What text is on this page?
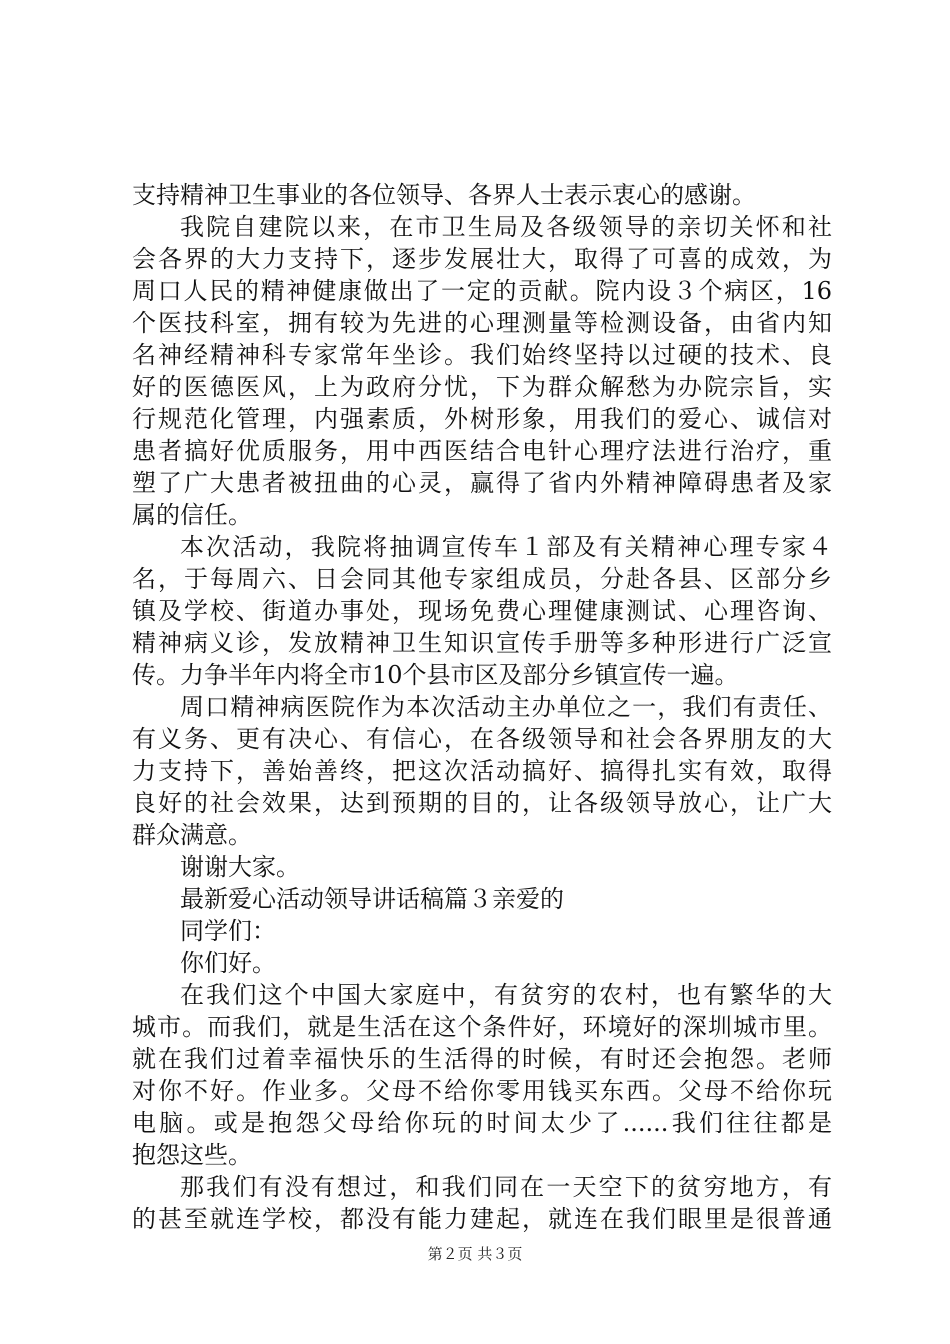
支持精神卫生事业的各位领导、各界人士表示衷心的感谢。
我院自建院以来，在市卫生局及各级领导的亲切关怀和社
会各界的大力支持下，逐步发展壮大，取得了可喜的成效，为
周口人民的精神健康做出了一定的贡献。院内设３个病区，16
个医技科室，拥有较为先进的心理测量等检测设备，由省内知
名神经精神科专家常年坐诊。我们始终坚持以过硬的技术、良
好的医德医风，上为政府分忧，下为群众解愁为办院宗旨，实
行规范化管理，内强素质，外树形象，用我们的爱心、诚信对
患者搞好优质服务，用中西医结合电针心理疗法进行治疗，重
塑了广大患者被扭曲的心灵，赢得了省内外精神障碍患者及家
属的信任。
本次活动，我院将抽调宣传车１部及有关精神心理专家４
名，于每周六、日会同其他专家组成员，分赴各县、区部分乡
镇及学校、街道办事处，现场免费心理健康测试、心理咨询、
精神病义诊，发放精神卫生知识宣传手册等多种形进行广泛宣
传。力争半年内将全市10个县市区及部分乡镇宣传一遍。
周口精神病医院作为本次活动主办单位之一，我们有责任、
有义务、更有决心、有信心，在各级领导和社会各界朋友的大
力支持下，善始善终，把这次活动搞好、搞得扎实有效，取得
良好的社会效果，达到预期的目的，让各级领导放心，让广大
群众满意。
谢谢大家。
最新爱心活动领导讲话稿篇３亲爱的
同学们：
你们好。
在我们这个中国大家庭中，有贫穷的农村，也有繁华的大
城市。而我们，就是生活在这个条件好，环境好的深圳城市里。
就在我们过着幸福快乐的生活得的时候，有时还会抱怨。老师
对你不好。作业多。父母不给你零用钱买东西。父母不给你玩
电脑。或是抱怨父母给你玩的时间太少了......我们往往都是
抱怨这些。
第２页 共３页
那我们有没有想过，和我们同在一天空下的贫穷地方，有
的甚至就连学校，都没有能力建起，就连在我们眼里是很普通
